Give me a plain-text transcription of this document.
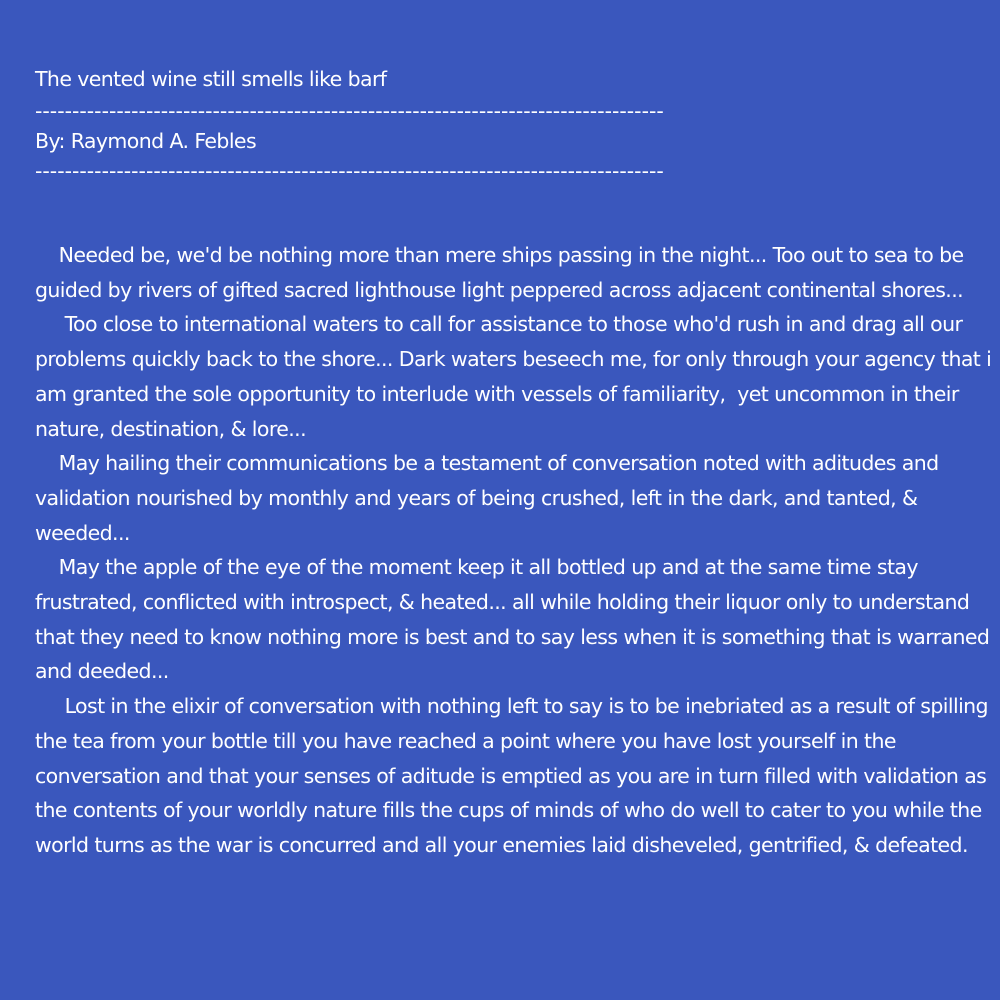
The vented wine still smells like barf
-------------------------------------------------------------------------------------
By: Raymond A. Febles
-------------------------------------------------------------------------------------
Needed be, we'd be nothing more than mere ships passing in the night... Too out to sea to be guided by rivers of gifted sacred lighthouse light peppered across adjacent continental shores...
Too close to international waters to call for assistance to those who'd rush in and drag all our problems quickly back to the shore... Dark waters beseech me, for only through your agency that i am granted the sole opportunity to interlude with vessels of familiarity,  yet uncommon in their nature, destination, & lore...
May hailing their communications be a testament of conversation noted with aditudes and validation nourished by monthly and years of being crushed, left in the dark, and tanted, & weeded...
May the apple of the eye of the moment keep it all bottled up and at the same time stay frustrated, conflicted with introspect, & heated... all while holding their liquor only to understand that they need to know nothing more is best and to say less when it is something that is warraned and deeded...
Lost in the elixir of conversation with nothing left to say is to be inebriated as a result of spilling the tea from your bottle till you have reached a point where you have lost yourself in the conversation and that your senses of aditude is emptied as you are in turn filled with validation as the contents of your worldly nature fills the cups of minds of who do well to cater to you while the world turns as the war is concurred and all your enemies laid disheveled, gentrified, & defeated.
